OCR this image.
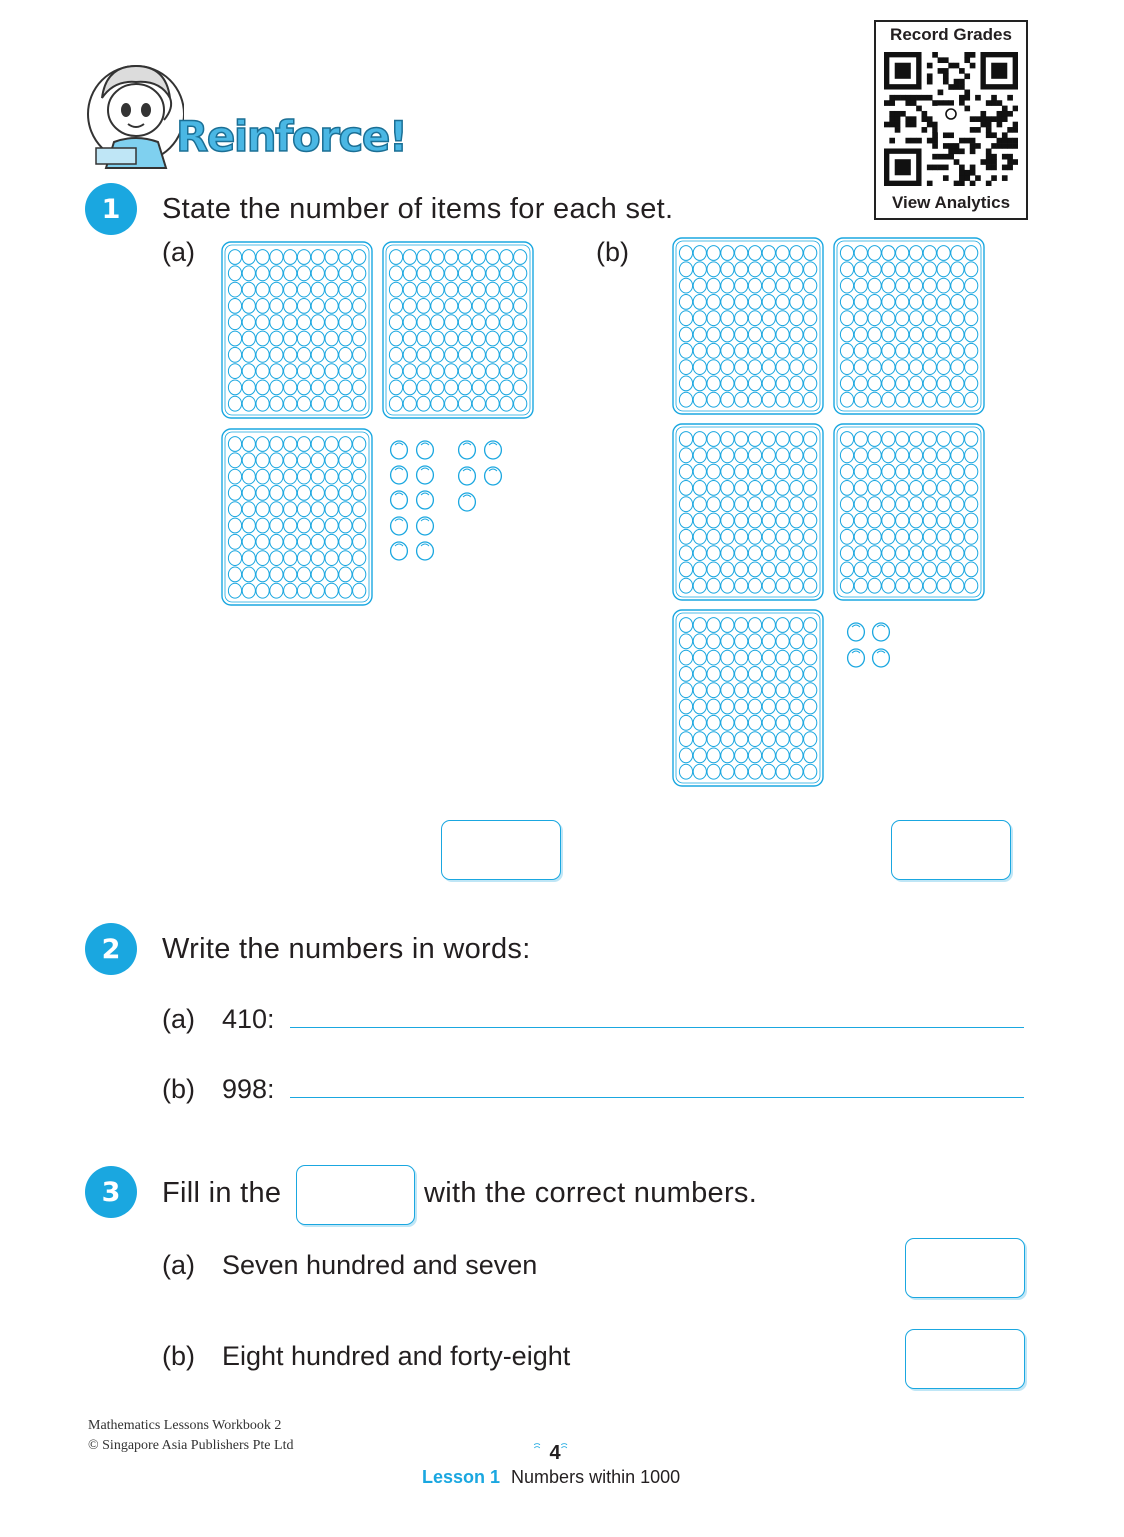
Reinforce!
Record Grades
View Analytics
1	State the number of items for each set.
(a)	(b)
2	Write the numbers in words:
(a) 410:
(b) 998:
3	Fill in the	with the correct numbers.
(a) Seven hundred and seven
(b) Eight hundred and forty-eight
Mathematics Lessons Workbook 2
© Singapore Asia Publishers Pte Ltd	4
Lesson 1 Numbers within 1000
